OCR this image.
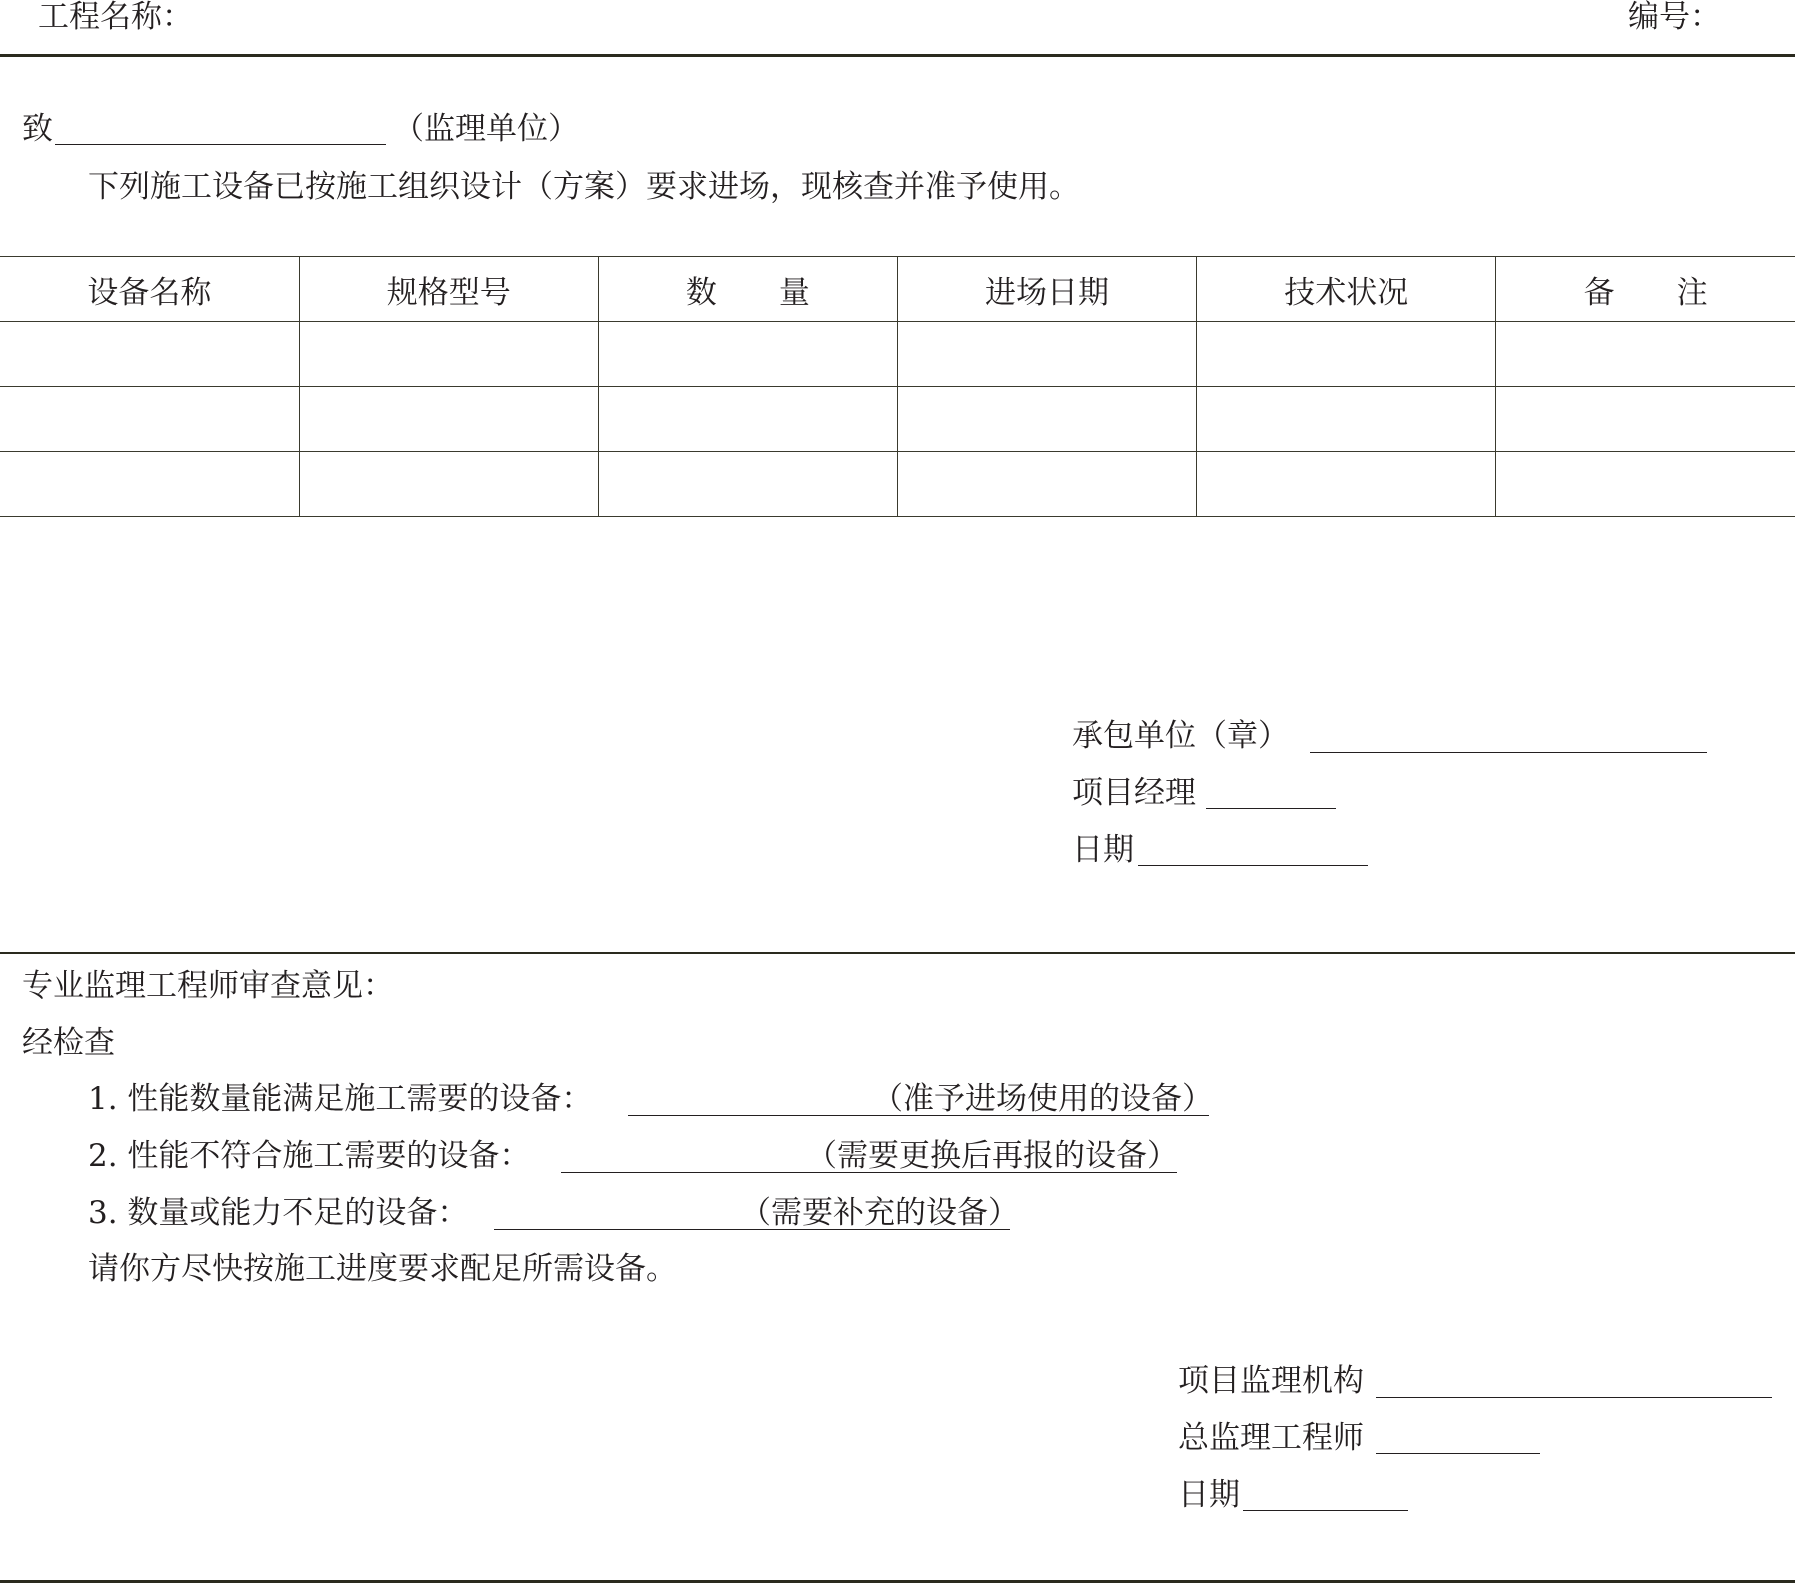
工程名称：	编号：
致	（监理单位）
下列施工设备已按施工组织设计（方案）要求进场，现核查并准予使用。
设备名称	规格型号	数　　量	进场日期	技术状况	备　　注

承包单位（章）
项目经理
日期
专业监理工程师审查意见：
经检查
1. 性能数量能满足施工需要的设备：	（准予进场使用的设备）
2. 性能不符合施工需要的设备：	（需要更换后再报的设备）
3. 数量或能力不足的设备：	（需要补充的设备）
请你方尽快按施工进度要求配足所需设备。
项目监理机构
总监理工程师
日期
